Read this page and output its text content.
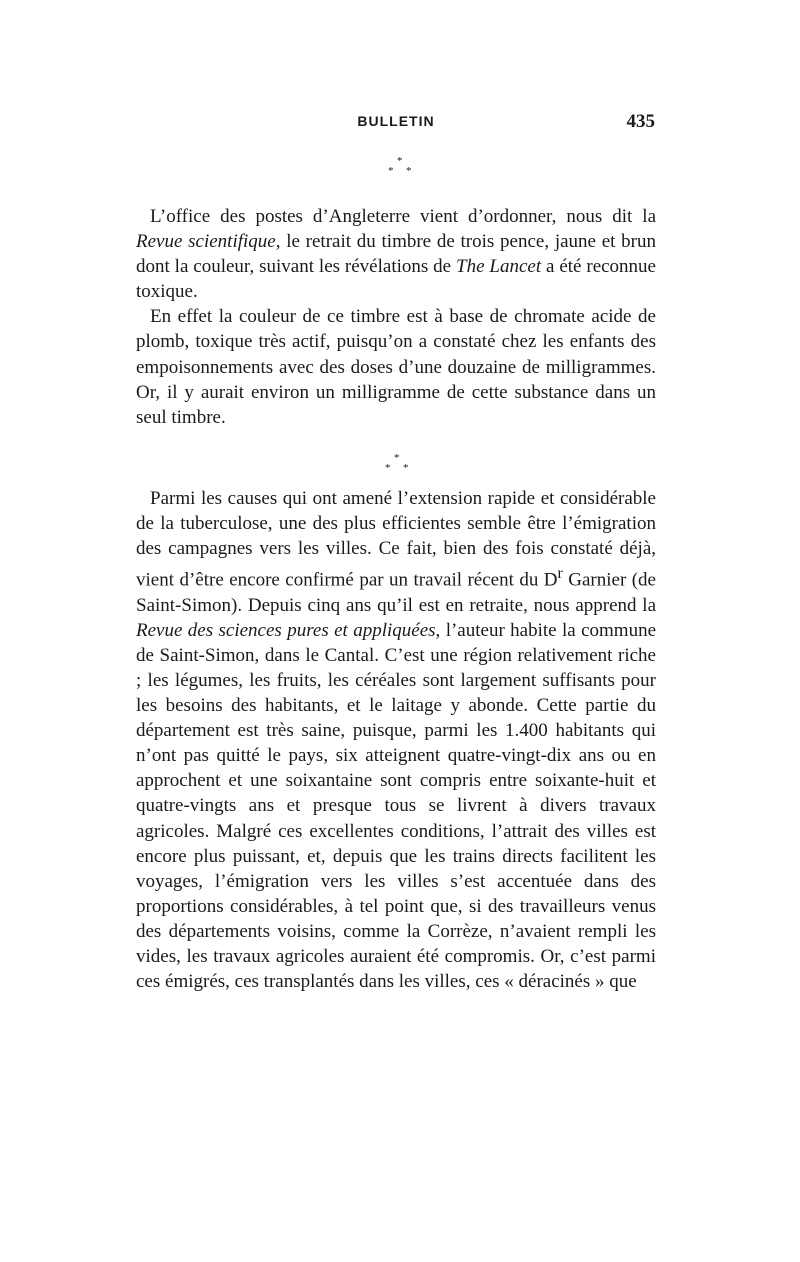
BULLETIN	435
*
* *

L’office des postes d’Angleterre vient d’ordonner, nous dit la Revue scientifique, le retrait du timbre de trois pence, jaune et brun dont la couleur, suivant les révélations de The Lancet a été reconnue toxique.

En effet la couleur de ce timbre est à base de chromate acide de plomb, toxique très actif, puisqu’on a constaté chez les enfants des empoisonnements avec des doses d’une douzaine de milligrammes. Or, il y aurait environ un milligramme de cette substance dans un seul timbre.

*
* *

Parmi les causes qui ont amené l’extension rapide et considérable de la tuberculose, une des plus efficientes semble être l’émigration des campagnes vers les villes. Ce fait, bien des fois constaté déjà, vient d’être encore confirmé par un travail récent du $D^r$ Garnier (de Saint-Simon). Depuis cinq ans qu’il est en retraite, nous apprend la Revue des sciences pures et appliquées, l’auteur habite la commune de Saint-Simon, dans le Cantal. C’est une région relativement riche ; les légumes, les fruits, les céréales sont largement suffisants pour les besoins des habitants, et le laitage y abonde. Cette partie du département est très saine, puisque, parmi les 1.400 habitants qui n’ont pas quitté le pays, six atteignent quatre-vingt-dix ans ou en approchent et une soixantaine sont compris entre soixante-huit et quatre-vingts ans et presque tous se livrent à divers travaux agricoles. Malgré ces excellentes conditions, l’attrait des villes est encore plus puissant, et, depuis que les trains directs facilitent les voyages, l’émigration vers les villes s’est accentuée dans des proportions considérables, à tel point que, si des travailleurs venus des départements voisins, comme la Corrèze, n’avaient rempli les vides, les travaux agricoles auraient été compromis. Or, c’est parmi ces émigrés, ces transplantés dans les villes, ces « déracinés » que
